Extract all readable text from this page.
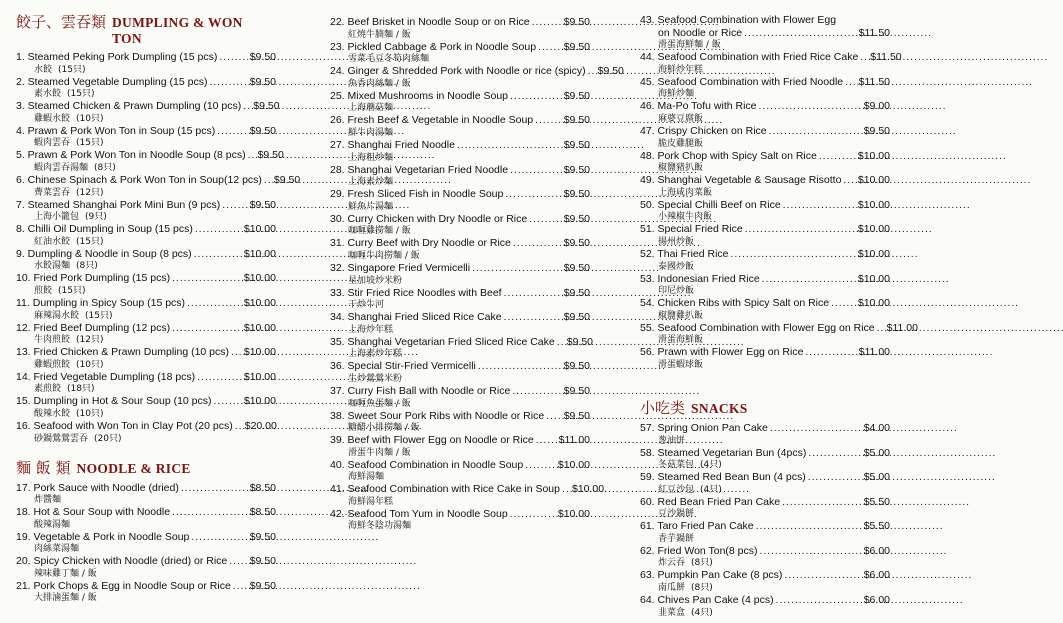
餃子、雲吞類 DUMPLING & WON TON
1. Steamed Peking Pork Dumpling (15 pcs) . . .	$9.50
水餃 (15只)
2. Steamed Vegetable Dumpling (15 pcs) . . .	$9.50
素水餃 (15只)
3. Steamed Chicken & Prawn Dumpling (10 pcs) . . . $9.50
雞蝦水餃 (10只)
4. Prawn & Pork Won Ton in Soup (15 pcs) . . .	$9.50
蝦肉雲吞 (15只)
5. Prawn & Pork Won Ton in Noodle Soup (8 pcs) . . . $9.50
蝦肉雲吞湯麵 (8只)
6. Chinese Spinach & Pork Won Ton in Soup(12 pcs) . . . $9.50
薺菜雲吞 (12只)
7. Steamed Shanghai Pork Mini Bun (9 pcs) . . .	$9.50
上海小籠包 (9只)
8. Chilli Oil Dumpling in Soup (15 pcs) . . .	$10.00
紅油水餃 (15只)
9. Dumpling & Noodle in Soup (8 pcs) . . .	$10.00
水餃湯麵 (8只)
10. Fried Pork Dumpling (15 pcs) . . .	$10.00
煎餃 (15只)
11. Dumpling in Spicy Soup (15 pcs) . . .	$10.00
麻辣湯水餃 (15只)
12. Fried Beef Dumpling (12 pcs) . . .	$10.00
牛肉煎餃 (12只)
13. Fried Chicken & Prawn Dumpling (10 pcs) . . . $10.00
雞蝦煎餃 (10只)
14. Fried Vegetable Dumpling (18 pcs) . . .	$10.00
素煎餃 (18只)
15. Dumpling in Hot & Sour Soup (10 pcs) . . .	$10.00
酸辣水餃 (10只)
16. Seafood with Won Ton in Clay Pot (20 pcs) . . . $20.00
砂鍋鶯鶯雲吞 (20只)
麵 飯 類 NOODLE & RICE
17. Pork Sauce with Noodle (dried) . . .	$8.50
炸醬麵
18. Hot & Sour Soup with Noodle . . .	$8.50
酸辣湯麵
19. Vegetable & Pork in Noodle Soup . . .	$9.50
肉絲菜湯麵
20. Spicy Chicken with Noodle (dried) or Rice . . . $9.50
辣味雞丁麵 / 飯
21. Pork Chops & Egg in Noodle Soup or Rice . . . $9.50
大排滷蛋麵 / 飯
22. Beef Brisket in Noodle Soup or on Rice . . .	$9.50
紅燒牛腩麵 / 飯
23. Pickled Cabbage & Pork in Noodle Soup . . .	$9.50
雪菜毛豆冬筍肉絲麵
24. Ginger & Shredded Pork with Noodle or rice (spicy) . . . $9.50
魚香肉絲麵 / 飯
25. Mixed Mushrooms in Noodle Soup . . .	$9.50
上海蘑菇麵
26. Fresh Beef & Vegetable in Noodle Soup . . .	$9.50
鮮牛肉湯麵
27. Shanghai Fried Noodle . . .	$9.50
上海粗炒麵
28. Shanghai Vegetarian Fried Noodle . . .	$9.50
上海素炒麵
29. Fresh Sliced Fish in Noodle Soup . . .	$9.50
鮮魚片湯麵
30. Curry Chicken with Dry Noodle or Rice . . .	$9.50
咖喱雞撈麵 / 飯
31. Curry Beef with Dry Noodle or Rice . . .	$9.50
咖喱牛肉撈麵 / 飯
32. Singapore Fried Vermicelli . . .	$9.50
星加坡炒米粉
33. Stir Fried Rice Noodles with Beef . . .	$9.50
干炒牛河
34. Shanghai Fried Sliced Rice Cake . . .	$9.50
上海炒年糕
35. Shanghai Vegetarian Fried Sliced Rice Cake . . . $9.50
上海素炒年糕
36. Special Stir-Fried Vermicelli . . .	$9.50
生炒鶯鶯米粉
37. Curry Fish Ball with Noodle or Rice . . .	$9.50
咖喱魚蛋麵 / 飯
38. Sweet Sour Pork Ribs with Noodle or Rice . . . $9.50
糖醋小排撈麵 / 飯
39. Beef with Flower Egg on Noodle or Rice . . . $11.00
滑蛋牛肉麵 / 飯
40. Seafood Combination in Noodle Soup . . .	$10.00
海鮮湯麵
41. Seafood Combination with Rice Cake in Soup . . . $10.00
海鮮湯年糕
42. Seafood Tom Yum in Noodle Soup . . .	$10.00
海鮮冬陰功湯麵
43. Seafood Combination with Flower Egg
on Noodle or Rice . . .	$11.50
滑蛋海鮮麵 / 飯
44. Seafood Combination with Fried Rice Cake . . . $11.50
海鮮炒年糕
45. Seafood Combination with Fried Noodle . . . $11.50
海鮮炒麵
46. Ma-Po Tofu with Rice . . .	$9.00
麻婆豆腐飯
47. Crispy Chicken on Rice . . .	$9.50
脆皮雞腿飯
48. Pork Chop with Spicy Salt on Rice . . .	$10.00
椒鹽豬扒飯
49. Shanghai Vegetable & Sausage Risotto . . . $10.00
上海咸肉菜飯
50. Special Chilli Beef on Rice . . .	$10.00
小辣椒牛肉飯
51. Special Fried Rice . . .	$10.00
揚州炒飯
52. Thai Fried Rice . . .	$10.00
泰國炒飯
53. Indonesian Fried Rice . . .	$10.00
印尼炒飯
54. Chicken Ribs with Spicy Salt on Rice . . .	$10.00
椒鹽雞扒飯
55. Seafood Combination with Flower Egg on Rice . . . $11.00
滑蛋海鮮飯
56. Prawn with Flower Egg on Rice . . .	$11.00
滑蛋蝦球飯
小吃类 SNACKS
57. Spring Onion Pan Cake . . .	$4.00
葱油饼
58. Steamed Vegetarian Bun (4pcs) . . .	$5.00
冬菇菜包 (4只)
59. Steamed Red Bean Bun (4 pcs) . . .	$5.00
紅豆沙包 (4只)
60. Red Bean Fried Pan Cake . . .	$5.50
豆沙鍋餅
61. Taro Fried Pan Cake . . .	$5.50
香芋鍋餅
62. Fried Won Ton(8 pcs) . . .	$6.00
炸云吞 (8只)
63. Pumpkin Pan Cake (8 pcs) . . .	$6.00
南瓜餅 (8只)
64. Chives Pan Cake (4 pcs) . . .	$6.00
韭菜盒 (4只)
